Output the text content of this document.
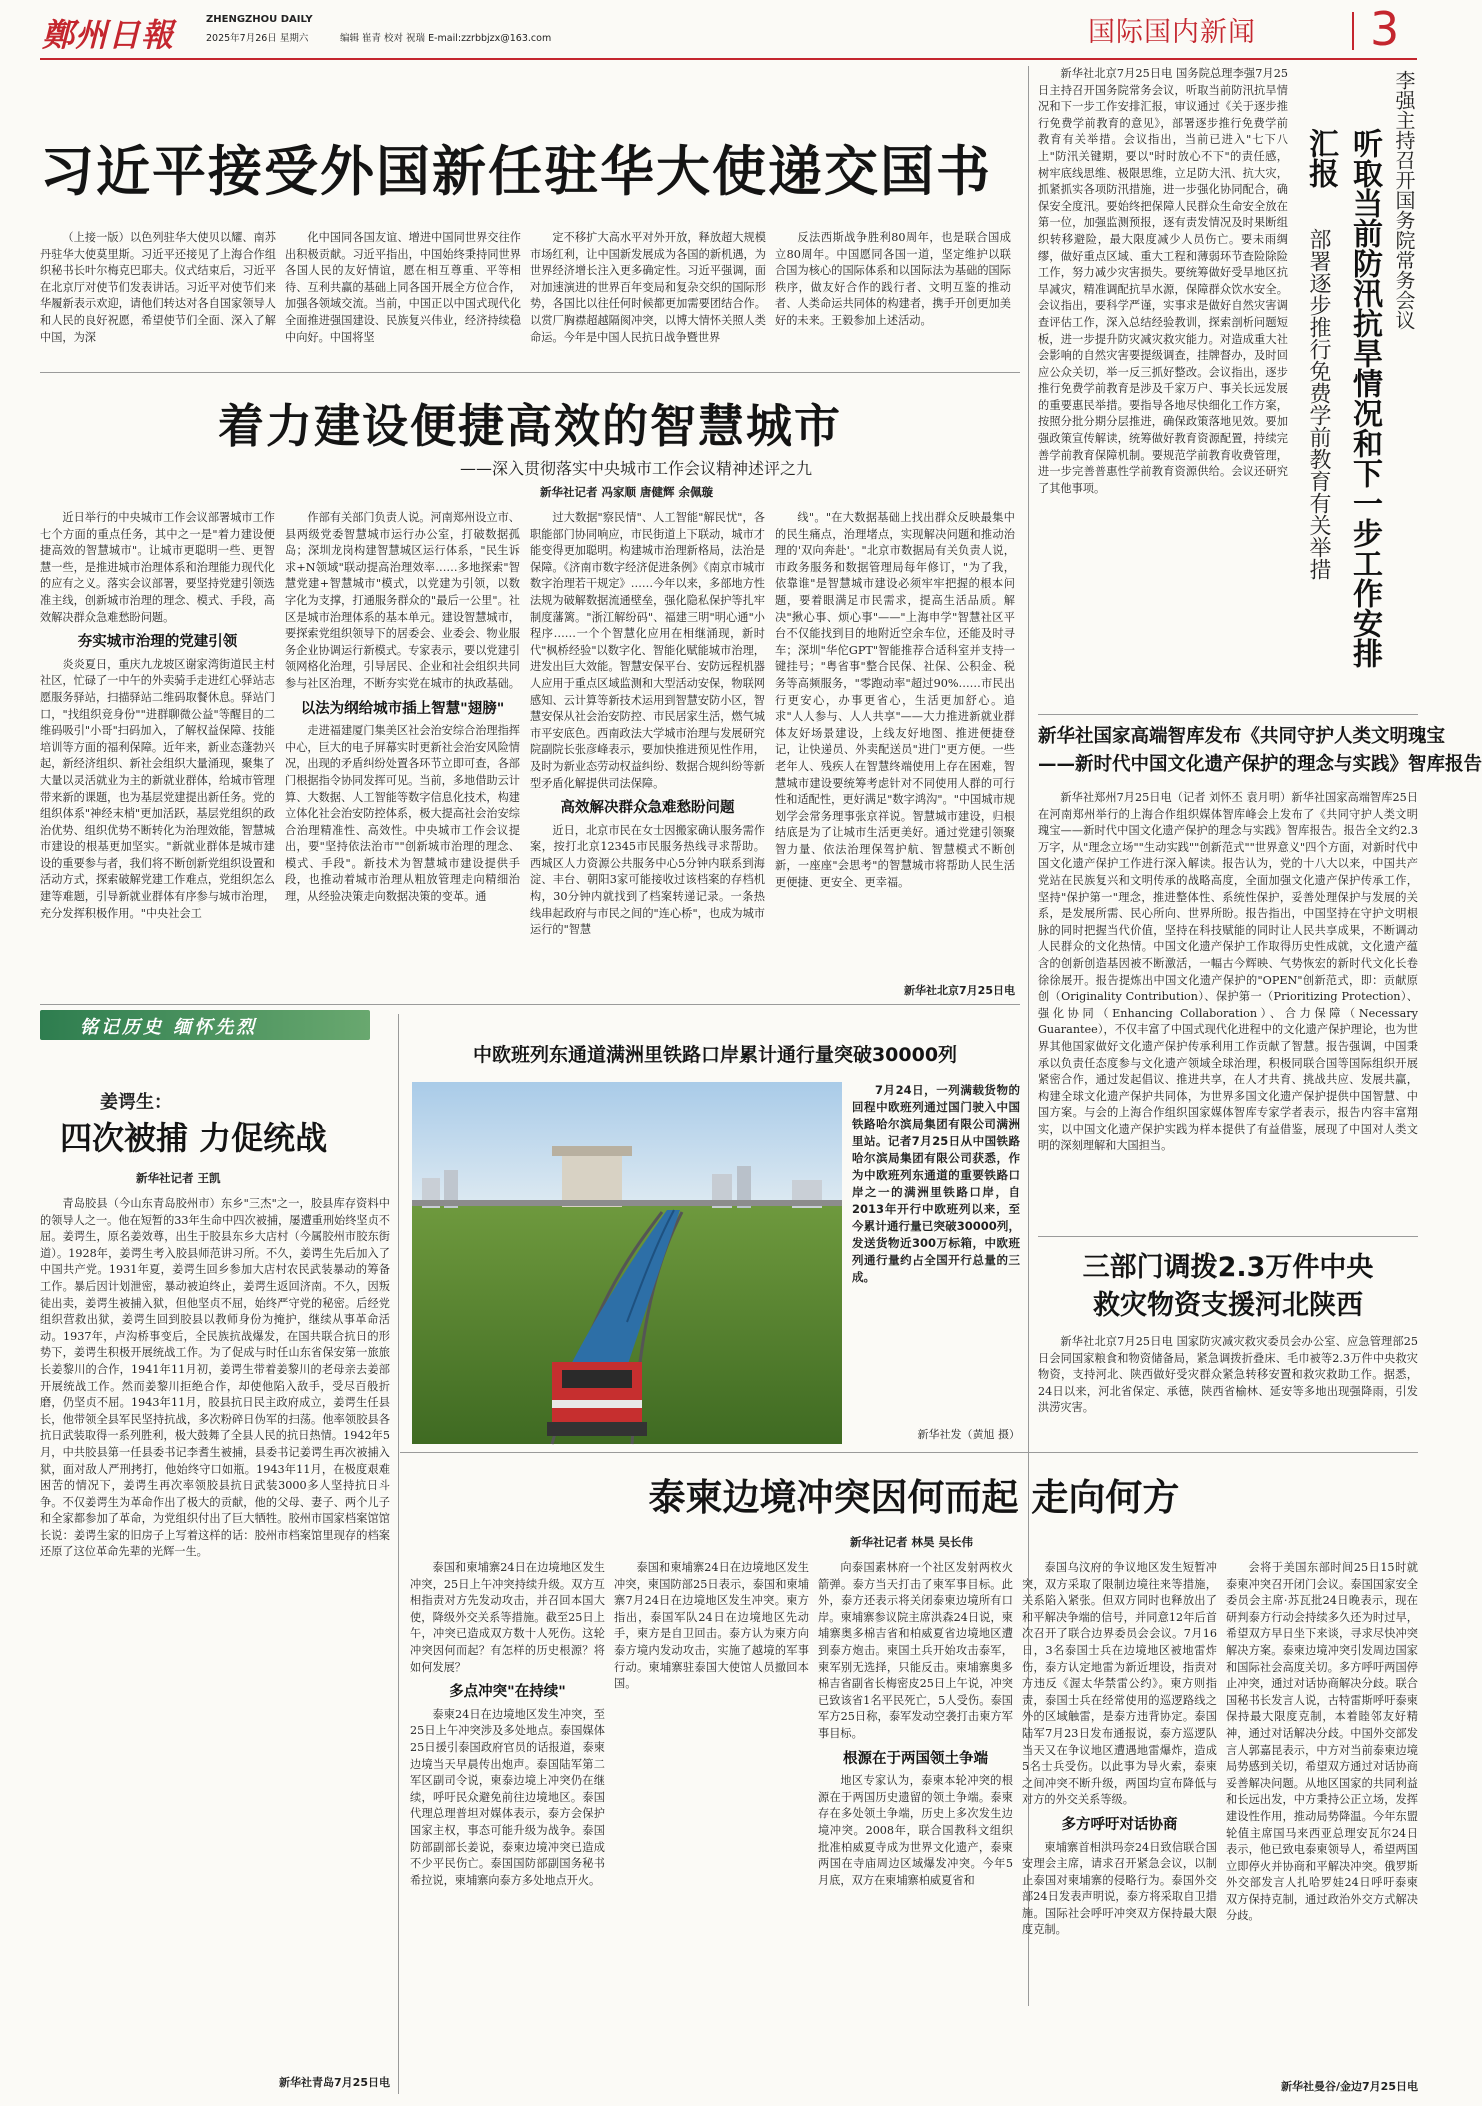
鄭州日報	ZHENGZHOU DAILY
2025年7月26日 星期六	编辑 崔青 校对 祝瑞 E-mail:zzrbbjzx@163.com	国际国内新闻 3
习近平接受外国新任驻华大使递交国书

（上接一版）以色列驻华大使贝以耀、南苏丹驻华大使莫里斯。习近平还接见了上海合作组织秘书长叶尔梅克巴耶夫。仪式结束后，习近平在北京厅对使节们发表讲话。习近平对使节们来华履新表示欢迎，请他们转达对各自国家领导人和人民的良好祝愿，希望使节们全面、深入了解中国，为深

化中国同各国友谊、增进中国同世界交往作出积极贡献。习近平指出，中国始终秉持同世界各国人民的友好情谊，愿在相互尊重、平等相待、互利共赢的基础上同各国开展全方位合作，加强各领域交流。当前，中国正以中国式现代化全面推进强国建设、民族复兴伟业，经济持续稳中向好。中国将坚

定不移扩大高水平对外开放，释放超大规模市场红利，让中国新发展成为各国的新机遇，为世界经济增长注入更多确定性。习近平强调，面对加速演进的世界百年变局和复杂交织的国际形势，各国比以往任何时候都更加需要团结合作。以赏厂胸襟超越隔阂冲突，以博大情怀关照人类命运。今年是中国人民抗日战争暨世界

反法西斯战争胜利80周年，也是联合国成立80周年。中国愿同各国一道，坚定维护以联合国为核心的国际体系和以国际法为基础的国际秩序，做友好合作的践行者、文明互鉴的推动者、人类命运共同体的构建者，携手开创更加美好的未来。王毅参加上述活动。

着力建设便捷高效的智慧城市
——深入贯彻落实中央城市工作会议精神述评之九
新华社记者 冯家顺 唐健辉 余佩璇

近日举行的中央城市工作会议部署城市工作七个方面的重点任务，其中之一是"着力建设便捷高效的智慧城市"。让城市更聪明一些、更智慧一些，是推进城市治理体系和治理能力现代化的应有之义。落实会议部署，要坚持党建引领选准主线，创新城市治理的理念、模式、手段，高效解决群众急难愁盼问题。

夯实城市治理的党建引领

炎炎夏日，重庆九龙坡区谢家湾街道民主村社区，忙碌了一中午的外卖骑手走进红心驿站志愿服务驿站，扫描驿站二维码取餐休息。驿站门口，"找组织竞身份""进群聊微公益"等醒目的二维码吸引"小哥"扫码加入，了解权益保障、技能培训等方面的福利保障。近年来，新业态蓬勃兴起，新经济组织、新社会组织大量涌现，聚集了大量以灵活就业为主的新就业群体，给城市管理带来新的课题，也为基层党建提出新任务。党的组织体系"神经末梢"更加活跃，基层党组织的政治优势、组织优势不断转化为治理效能，智慧城市建设的根基更加坚实。"新就业群体是城市建设的重要参与者，我们将不断创新党组织设置和活动方式，探索破解党建工作难点，党组织怎么建等难题，引导新就业群体有序参与城市治理，充分发挥积极作用。"中央社会工

作部有关部门负责人说。河南郑州设立市、县两级党委智慧城市运行办公室，打破数据孤岛；深圳龙岗构建智慧城区运行体系，"民生诉求+N领域"联动提高治理效率……多地探索"智慧党建+智慧城市"模式，以党建为引领，以数字化为支撑，打通服务群众的"最后一公里"。社区是城市治理体系的基本单元。建设智慧城市，要探索党组织领导下的居委会、业委会、物业服务企业协调运行新模式。专家表示，要以党建引领网格化治理，引导居民、企业和社会组织共同参与社区治理，不断夯实党在城市的执政基础。

以法为纲给城市插上智慧"翅膀"

走进福建厦门集美区社会治安综合治理指挥中心，巨大的电子屏幕实时更新社会治安风险情况，出现的矛盾纠纷处置各环节立即可查，各部门根据指令协同发挥可见。当前，多地借助云计算、大数据、人工智能等数字信息化技术，构建立体化社会治安防控体系，极大提高社会治安综合治理精准性、高效性。中央城市工作会议提出，要"坚持依法治市""创新城市治理的理念、模式、手段"。新技术为智慧城市建设提供手段，也推动着城市治理从粗放管理走向精细治理，从经验决策走向数据决策的变革。通

过大数据"察民情"、人工智能"解民忧"，各职能部门协同响应，市民街道上下联动，城市才能变得更加聪明。构建城市治理新格局，法治是保障。《济南市数字经济促进条例》《南京市城市数字治理若干规定》……今年以来，多部地方性法规为破解数据流通壁垒，强化隐私保护等扎牢制度藩篱。"浙江解纷码"、福建三明"明心通"小程序……一个个智慧化应用在相继涌现，新时代"枫桥经验"以数字化、智能化赋能城市治理，进发出巨大效能。智慧安保平台、安防远程机器人应用于重点区域监测和大型活动安保，物联网感知、云计算等新技术运用到智慧安防小区，智慧安保从社会治安防控、市民居家生活，燃气城市平安底色。西南政法大学城市治理与发展研究院副院长张彦峰表示，要加快推进预见性作用，及时为新业态劳动权益纠纷、数据合规纠纷等新型矛盾化解提供司法保障。

高效解决群众急难愁盼问题

近日，北京市民在女士因搬家确认服务需作案，按打北京12345市民服务热线寻求帮助。西城区人力资源公共服务中心5分钟内联系到海淀、丰台、朝阳3家可能接收过该档案的存档机构，30分钟内就找到了档案转递记录。一条热线串起政府与市民之间的"连心桥"，也成为城市运行的"智慧

线"。"在大数据基础上找出群众反映最集中的民生痛点，治理堵点，实现解决问题和推动治理的'双向奔赴'。"北京市数据局有关负责人说，市政务服务和数据管理局每年修订，"为了我，依靠谁"是智慧城市建设必须牢牢把握的根本问题，要着眼满足市民需求，提高生活品质。解决"揪心事、烦心事"——"上海申学"智慧社区平台不仅能找到目的地附近空余车位，还能及时寻车；深圳"华佗GPT"智能推荐合适科室并支持一键挂号；"粤省事"整合民保、社保、公积金、税务等高频服务，"零跑动率"超过90%……市民出行更安心，办事更省心，生活更加舒心。追求"人人参与、人人共享"——大力推进新就业群体友好场景建设，上线友好地图、推进便捷登记，让快递员、外卖配送员"进门"更方便。一些老年人、残疾人在智慧终端使用上存在困难，智慧城市建设要统筹考虑针对不同使用人群的可行性和适配性，更好满足"数字鸿沟"。"中国城市规划学会常务理事张京祥说。智慧城市建设，归根结底是为了让城市生活更美好。通过党建引领聚智力量、依法治理保驾护航、智慧模式不断创新，一座座"会思考"的智慧城市将帮助人民生活更便捷、更安全、更幸福。

新华社北京7月25日电

新华社北京7月25日电 国务院总理李强7月25日主持召开国务院常务会议，听取当前防汛抗旱情况和下一步工作安排汇报，审议通过《关于逐步推行免费学前教育的意见》，部署逐步推行免费学前教育有关举措。会议指出，当前已进入"七下八上"防汛关键期，要以"时时放心不下"的责任感，树牢底线思维、极限思维，立足防大汛、抗大灾，抓紧抓实各项防汛措施，进一步强化协同配合，确保安全度汛。要始终把保障人民群众生命安全放在第一位，加强监测预报，逐有责发情况及时果断组织转移避险，最大限度减少人员伤亡。要未雨绸缪，做好重点区域、重大工程和薄弱环节查险除险工作，努力减少灾害损失。要统筹做好受旱地区抗旱减灾，精准调配抗旱水源，保障群众饮水安全。会议指出，要科学严谨，实事求是做好自然灾害调查评估工作，深入总结经验教训，探索剖析问题短板，进一步提升防灾减灾救灾能力。对造成重大社会影响的自然灾害要提级调查，挂牌督办，及时回应公众关切，举一反三抓好整改。会议指出，逐步推行免费学前教育是涉及千家万户、事关长远发展的重要惠民举措。要指导各地尽快细化工作方案，按照分批分期分层推进，确保政策落地见效。要加强政策宣传解读，统筹做好教育资源配置，持续完善学前教育保障机制。要规范学前教育收费管理，进一步完善普惠性学前教育资源供给。会议还研究了其他事项。

李强主持召开国务院常务会议
听取当前防汛抗旱情况和下一步工作安排汇报
部署逐步推行免费学前教育有关举措
新华社国家高端智库发布《共同守护人类文明瑰宝
——新时代中国文化遗产保护的理念与实践》智库报告

新华社郑州7月25日电（记者 刘怀丕 袁月明）新华社国家高端智库25日在河南郑州举行的上海合作组织媒体智库峰会上发布了《共同守护人类文明瑰宝——新时代中国文化遗产保护的理念与实践》智库报告。报告全文约2.3万字，从"理念立场""生动实践""创新范式""世界意义"四个方面，对新时代中国文化遗产保护工作进行深入解读。报告认为，党的十八大以来，中国共产党站在民族复兴和文明传承的战略高度，全面加强文化遗产保护传承工作，坚持"保护第一"理念，推进整体性、系统性保护，妥善处理保护与发展的关系，是发展所需、民心所向、世界所盼。报告指出，中国坚持在守护文明根脉的同时把握当代价值，坚持在科技赋能的同时让人民共享成果，不断调动人民群众的文化热情。中国文化遗产保护工作取得历史性成就，文化遗产蕴含的创新创造基因被不断激活，一幅古今辉映、气势恢宏的新时代文化长卷徐徐展开。报告提炼出中国文化遗产保护的"OPEN"创新范式，即：贡献原创（Originality Contribution）、保护第一（Prioritizing Protection）、强化协同（Enhancing Collaboration）、合力保障（Necessary Guarantee），不仅丰富了中国式现代化进程中的文化遗产保护理论，也为世界其他国家做好文化遗产保护传承利用工作贡献了智慧。报告强调，中国秉承以负责任态度参与文化遗产领域全球治理，积极同联合国等国际组织开展紧密合作，通过发起倡议、推进共享，在人才共育、挑战共应、发展共赢，构建全球文化遗产保护共同体，为世界多国文化遗产保护提供中国智慧、中国方案。与会的上海合作组织国家媒体智库专家学者表示，报告内容丰富翔实，以中国文化遗产保护实践为样本提供了有益借鉴，展现了中国对人类文明的深刻理解和大国担当。

三部门调拨2.3万件中央
救灾物资支援河北陕西

新华社北京7月25日电 国家防灾减灾救灾委员会办公室、应急管理部25日会同国家粮食和物资储备局，紧急调拨折叠床、毛巾被等2.3万件中央救灾物资，支持河北、陕西做好受灾群众紧急转移安置和救灾救助工作。据悉，24日以来，河北省保定、承德，陕西省榆林、延安等多地出现强降雨，引发洪涝灾害。

铭记历史 缅怀先烈
姜谔生：
四次被捕 力促统战
新华社记者 王凯

青岛胶县（今山东青岛胶州市）东乡"三杰"之一，胶县库存资料中的领导人之一。他在短暂的33年生命中四次被捕，屡遭重刑始终坚贞不屈。姜谔生，原名姜效尊，出生于胶县东乡大店村（今属胶州市胶东街道）。1928年，姜谔生考入胶县师范讲习所。不久，姜谔生先后加入了中国共产党。1931年夏，姜谔生回乡参加大店村农民武装暴动的筹备工作。暴后因计划泄密，暴动被迫终止，姜谔生返回济南。不久，因叛徒出卖，姜谔生被捕入狱，但他坚贞不屈，始终严守党的秘密。后经党组织营救出狱，姜谔生回到胶县以教师身份为掩护，继续从事革命活动。1937年，卢沟桥事变后，全民族抗战爆发，在国共联合抗日的形势下，姜谔生积极开展统战工作。为了促成与时任山东省保安第一旅旅长姜黎川的合作，1941年11月初，姜谔生带着姜黎川的老母亲去姜部开展统战工作。然而姜黎川拒绝合作，却使他陷入敌手，受尽百般折磨，仍坚贞不屈。1943年11月，胶县抗日民主政府成立，姜谔生任县长，他带领全县军民坚持抗战，多次粉碎日伪军的扫荡。他率领胶县各抗日武装取得一系列胜利，极大鼓舞了全县人民的抗日热情。1942年5月，中共胶县第一任县委书记李耆生被捕，县委书记姜谔生再次被捕入狱，面对敌人严刑拷打，他始终守口如瓶。1943年11月，在极度艰难困苦的情况下，姜谔生再次率领胶县抗日武装3000多人坚持抗日斗争。不仅姜谔生为革命作出了极大的贡献，他的父母、妻子、两个儿子和全家都参加了革命，为党组织付出了巨大牺牲。胶州市国家档案馆馆长说：姜谔生家的旧房子上写着这样的话：胶州市档案馆里现存的档案还原了这位革命先辈的光辉一生。

新华社青岛7月25日电
中欧班列东通道满洲里铁路口岸累计通行量突破30000列

7月24日，一列满载货物的回程中欧班列通过国门驶入中国铁路哈尔滨局集团有限公司满洲里站。记者7月25日从中国铁路哈尔滨局集团有限公司获悉，作为中欧班列东通道的重要铁路口岸之一的满洲里铁路口岸，自2013年开行中欧班列以来，至今累计通行量已突破30000列，发送货物近300万标箱，中欧班列通行量约占全国开行总量的三成。

新华社发（黄旭 摄）
泰柬边境冲突因何而起 走向何方
新华社记者 林昊 吴长伟

泰国和柬埔寨24日在边境地区发生冲突，25日上午冲突持续升级。双方互相指责对方先发动攻击，并召回本国大使，降级外交关系等措施。截至25日上午，冲突已造成双方数十人死伤。这轮冲突因何而起？有怎样的历史根源？将如何发展？

多点冲突"在持续"

泰柬24日在边境地区发生冲突，至25日上午冲突涉及多处地点。泰国媒体25日援引泰国政府官员的话报道，泰柬边境当天早晨传出炮声。泰国陆军第二军区副司令说，柬泰边境上冲突仍在继续，呼吁民众避免前往边境地区。泰国代理总理普坦对媒体表示，泰方会保护国家主权，事态可能升级为战争。泰国防部副部长姜说，泰柬边境冲突已造成不少平民伤亡。泰国国防部副国务秘书希拉说，柬埔寨向泰方多处地点开火。

泰国和柬埔寨24日在边境地区发生冲突，柬国防部25日表示，泰国和柬埔寨7月24日在边境地区发生冲突。柬方指出，泰国军队24日在边境地区先动手，柬方是自卫回击。泰方认为柬方向泰方境内发动攻击，实施了越境的军事行动。柬埔寨驻泰国大使馆人员撤回本国。

向泰国素林府一个社区发射两枚火箭弹。泰方当天打击了柬军事目标。此外，泰方还表示将关闭泰柬边境所有口岸。柬埔寨参议院主席洪森24日说，柬埔寨奥多棉吉省和柏威夏省边境地区遭到泰方炮击。柬国土兵开始攻击泰军，柬军别无选择，只能反击。柬埔寨奥多棉吉省副省长梅密皮25日上午说，冲突已致该省1名平民死亡，5人受伤。泰国军方25日称，泰军发动空袭打击柬方军事目标。

根源在于两国领土争端

地区专家认为，泰柬本轮冲突的根源在于两国历史遗留的领土争端。泰柬存在多处领土争端，历史上多次发生边境冲突。2008年，联合国教科文组织批准柏威夏寺成为世界文化遗产，泰柬两国在寺庙周边区域爆发冲突。今年5月底，双方在柬埔寨柏威夏省和

泰国乌汶府的争议地区发生短暂冲突，双方采取了限制边境往来等措施，关系陷入紧张。但双方同时也释放出了和平解决争端的信号，并同意12年后首次召开了联合边界委员会会议。7月16日，3名泰国士兵在边境地区被地雷炸伤，泰方认定地雷为新近埋设，指责对方违反《渥太华禁雷公约》。柬方则指责，泰国士兵在经常使用的巡逻路线之外的区域触雷，是泰方违背协定。泰国陆军7月23日发布通报说，泰方巡逻队当天又在争议地区遭遇地雷爆炸，造成5名士兵受伤。以此事为导火索，泰柬之间冲突不断升级，两国均宣布降低与对方的外交关系等级。

多方呼吁对话协商

柬埔寨首相洪玛奈24日致信联合国安理会主席，请求召开紧急会议，以制止泰国对柬埔寨的侵略行为。泰国外交部24日发表声明说，泰方将采取自卫措施。国际社会呼吁冲突双方保持最大限度克制。

会将于美国东部时间25日15时就泰柬冲突召开闭门会议。泰国国家安全委员会主席·苏瓦批24日晚表示，现在研判泰方行动会持续多久还为时过早，希望双方早日坐下来谈，寻求尽快冲突解决方案。泰柬边境冲突引发周边国家和国际社会高度关切。多方呼吁两国停止冲突，通过对话协商解决分歧。联合国秘书长发言人说，古特雷斯呼吁泰柬保持最大限度克制，本着睦邻友好精神，通过对话解决分歧。中国外交部发言人郭嘉昆表示，中方对当前泰柬边境局势感到关切，希望双方通过对话协商妥善解决问题。从地区国家的共同利益和长远出发，中方秉持公正立场，发挥建设性作用，推动局势降温。今年东盟轮值主席国马来西亚总理安瓦尔24日表示，他已致电泰柬领导人，希望两国立即停火并协商和平解决冲突。俄罗斯外交部发言人扎哈罗娃24日呼吁泰柬双方保持克制，通过政治外交方式解决分歧。

新华社曼谷/金边7月25日电
